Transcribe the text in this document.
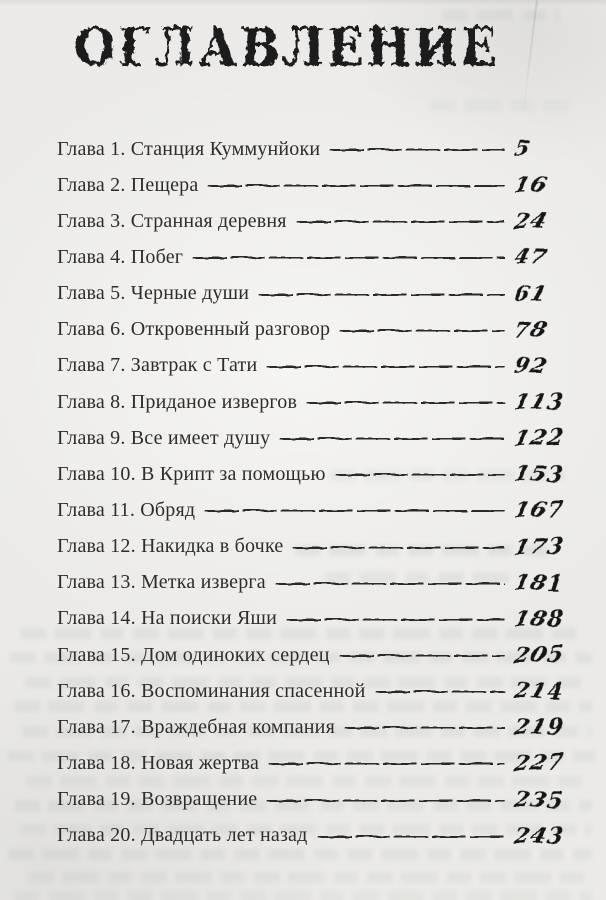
ОГЛАВЛЕНИЕ
Глава 1. Станция Куммунйоки	5
Глава 2. Пещера	16
Глава 3. Странная деревня	24
Глава 4. Побег	47
Глава 5. Черные души	61
Глава 6. Откровенный разговор	78
Глава 7. Завтрак с Тати	92
Глава 8. Приданое извергов	113
Глава 9. Все имеет душу	122
Глава 10. В Крипт за помощью	153
Глава 11. Обряд	167
Глава 12. Накидка в бочке	173
Глава 13. Метка изверга	181
Глава 14. На поиски Яши	188
Глава 15. Дом одиноких сердец	205
Глава 16. Воспоминания спасенной	214
Глава 17. Враждебная компания	219
Глава 18. Новая жертва	227
Глава 19. Возвращение	235
Глава 20. Двадцать лет назад	243
